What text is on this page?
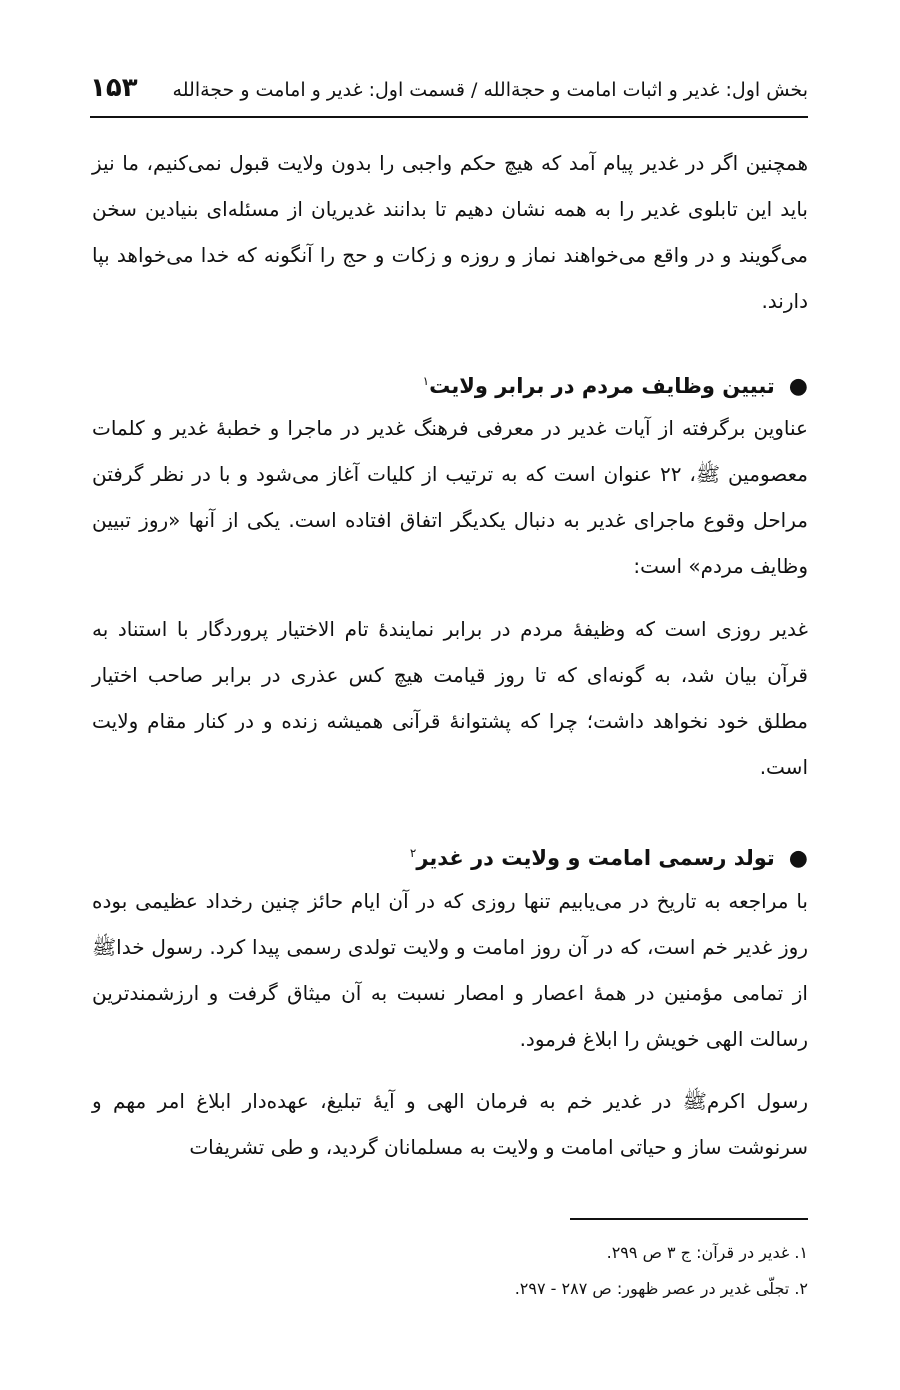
بخش اول: غدیر و اثبات امامت و حجةالله / قسمت اول: غدیر و امامت و حجةالله
۱۵۳
همچنین اگر در غدیر پیام آمد که هیچ حکم واجبی را بدون ولایت قبول نمی‌کنیم، ما نیز باید این تابلوی غدیر را به همه نشان دهیم تا بدانند غدیریان از مسئله‌ای بنیادین سخن می‌گویند و در واقع می‌خواهند نماز و روزه و زکات و حج را آنگونه که خدا می‌خواهد بپا دارند.
●تبیین وظایف مردم در برابر ولایت$^۱$
عناوین برگرفته از آیات غدیر در معرفی فرهنگ غدیر در ماجرا و خطبهٔ غدیر و کلمات معصومین ﷺ، ۲۲ عنوان است که به ترتیب از کلیات آغاز می‌شود و با در نظر گرفتن مراحل وقوع ماجرای غدیر به دنبال یکدیگر اتفاق افتاده است. یکی از آنها «روز تبیین وظایف مردم» است:
غدیر روزی است که وظیفهٔ مردم در برابر نمایندهٔ تام الاختیار پروردگار با استناد به قرآن بیان شد، به گونه‌ای که تا روز قیامت هیچ کس عذری در برابر صاحب اختیار مطلق خود نخواهد داشت؛ چرا که پشتوانهٔ قرآنی همیشه زنده و در کنار مقام ولایت است.
●تولد رسمی امامت و ولایت در غدیر$^۲$
با مراجعه به تاریخ در می‌یابیم تنها روزی که در آن ایام حائز چنین رخداد عظیمی بوده روز غدیر خم است، که در آن روز امامت و ولایت تولدی رسمی پیدا کرد. رسول خداﷺ از تمامی مؤمنین در همهٔ اعصار و امصار نسبت به آن میثاق گرفت و ارزشمندترین رسالت الهی خویش را ابلاغ فرمود.
رسول اکرمﷺ در غدیر خم به فرمان الهی و آیهٔ تبلیغ، عهده‌دار ابلاغ امر مهم و سرنوشت ساز و حیاتی امامت و ولایت به مسلمانان گردید، و طی تشریفات
۱. غدیر در قرآن: ج ۳ ص ۲۹۹.
۲. تجلّی غدیر در عصر ظهور: ص ۲۸۷ - ۲۹۷.
